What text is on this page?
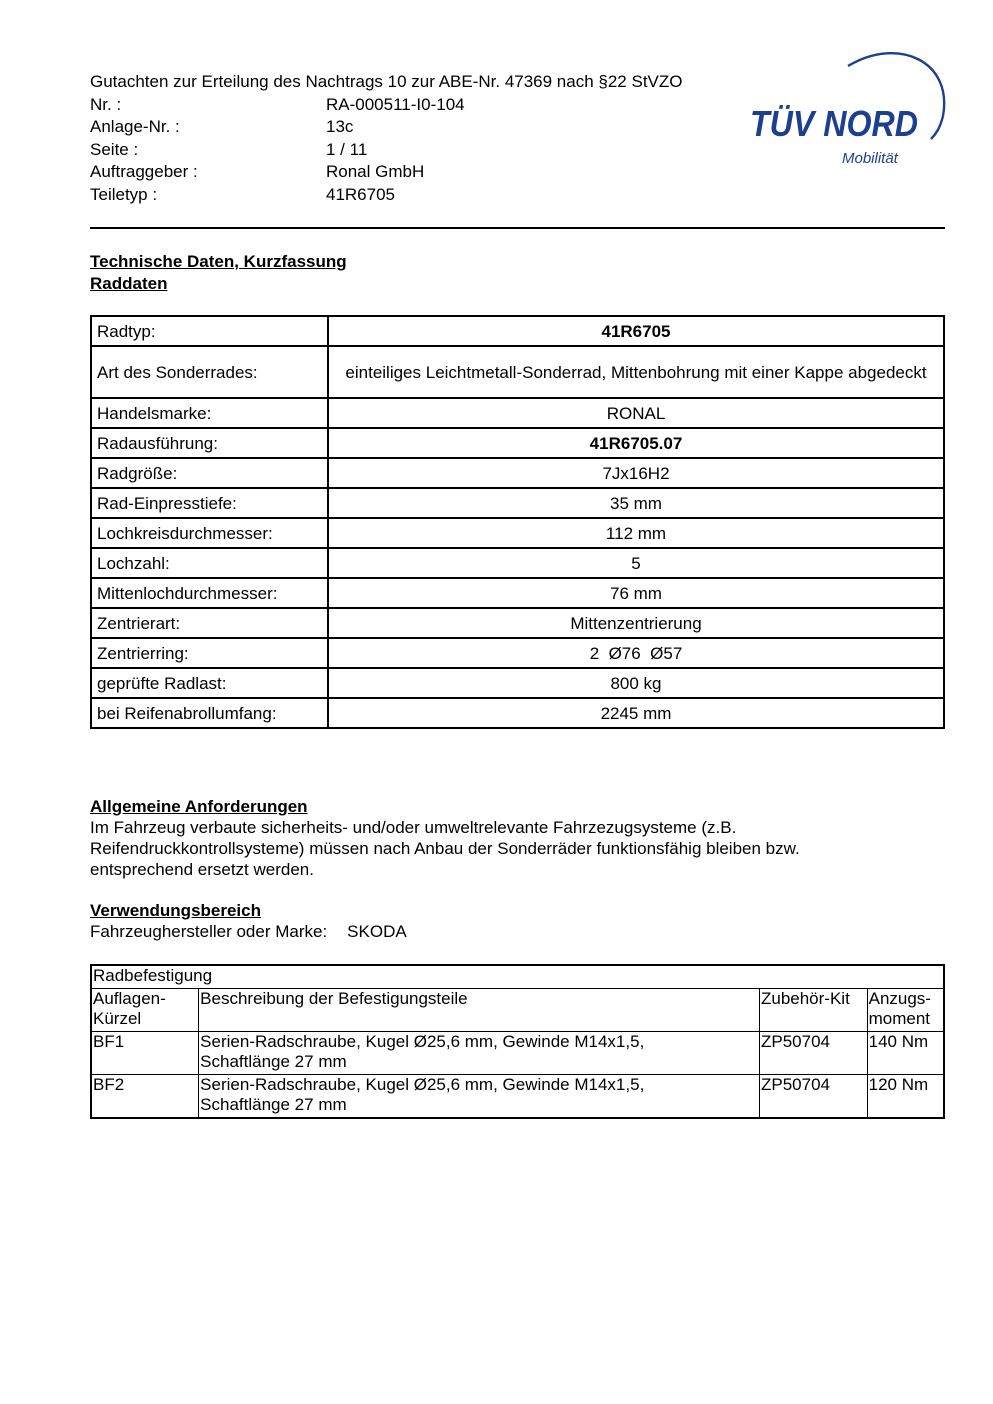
Gutachten zur Erteilung des Nachtrags 10 zur ABE-Nr. 47369 nach §22 StVZO
Nr. :	RA-000511-I0-104
Anlage-Nr. :	13c
Seite :	1 / 11
Auftraggeber :	Ronal GmbH
Teiletyp :	41R6705
TÜV NORD
Mobilität
Technische Daten, Kurzfassung
Raddaten
Radtyp:	41R6705
Art des Sonderrades:	einteiliges Leichtmetall-Sonderrad, Mittenbohrung mit einer Kappe abgedeckt
Handelsmarke:	RONAL
Radausführung:	41R6705.07
Radgröße:	7Jx16H2
Rad-Einpresstiefe:	35 mm
Lochkreisdurchmesser:	112 mm
Lochzahl:	5
Mittenlochdurchmesser:	76 mm
Zentrierart:	Mittenzentrierung
Zentrierring:	2  Ø76  Ø57
geprüfte Radlast:	800 kg
bei Reifenabrollumfang:	2245 mm
Allgemeine Anforderungen
Im Fahrzeug verbaute sicherheits- und/oder umweltrelevante Fahrzezugsysteme (z.B.
Reifendruckkontrollsysteme) müssen nach Anbau der Sonderräder funktionsfähig bleiben bzw.
entsprechend ersetzt werden.
Verwendungsbereich
Fahrzeughersteller oder Marke: SKODA
Radbefestigung			
Auflagen-
Kürzel	Beschreibung der Befestigungsteile	Zubehör-Kit	Anzugs-
moment
BF1	Serien-Radschraube, Kugel Ø25,6 mm, Gewinde M14x1,5,
Schaftlänge 27 mm	ZP50704	140 Nm
BF2	Serien-Radschraube, Kugel Ø25,6 mm, Gewinde M14x1,5,
Schaftlänge 27 mm	ZP50704	120 Nm
